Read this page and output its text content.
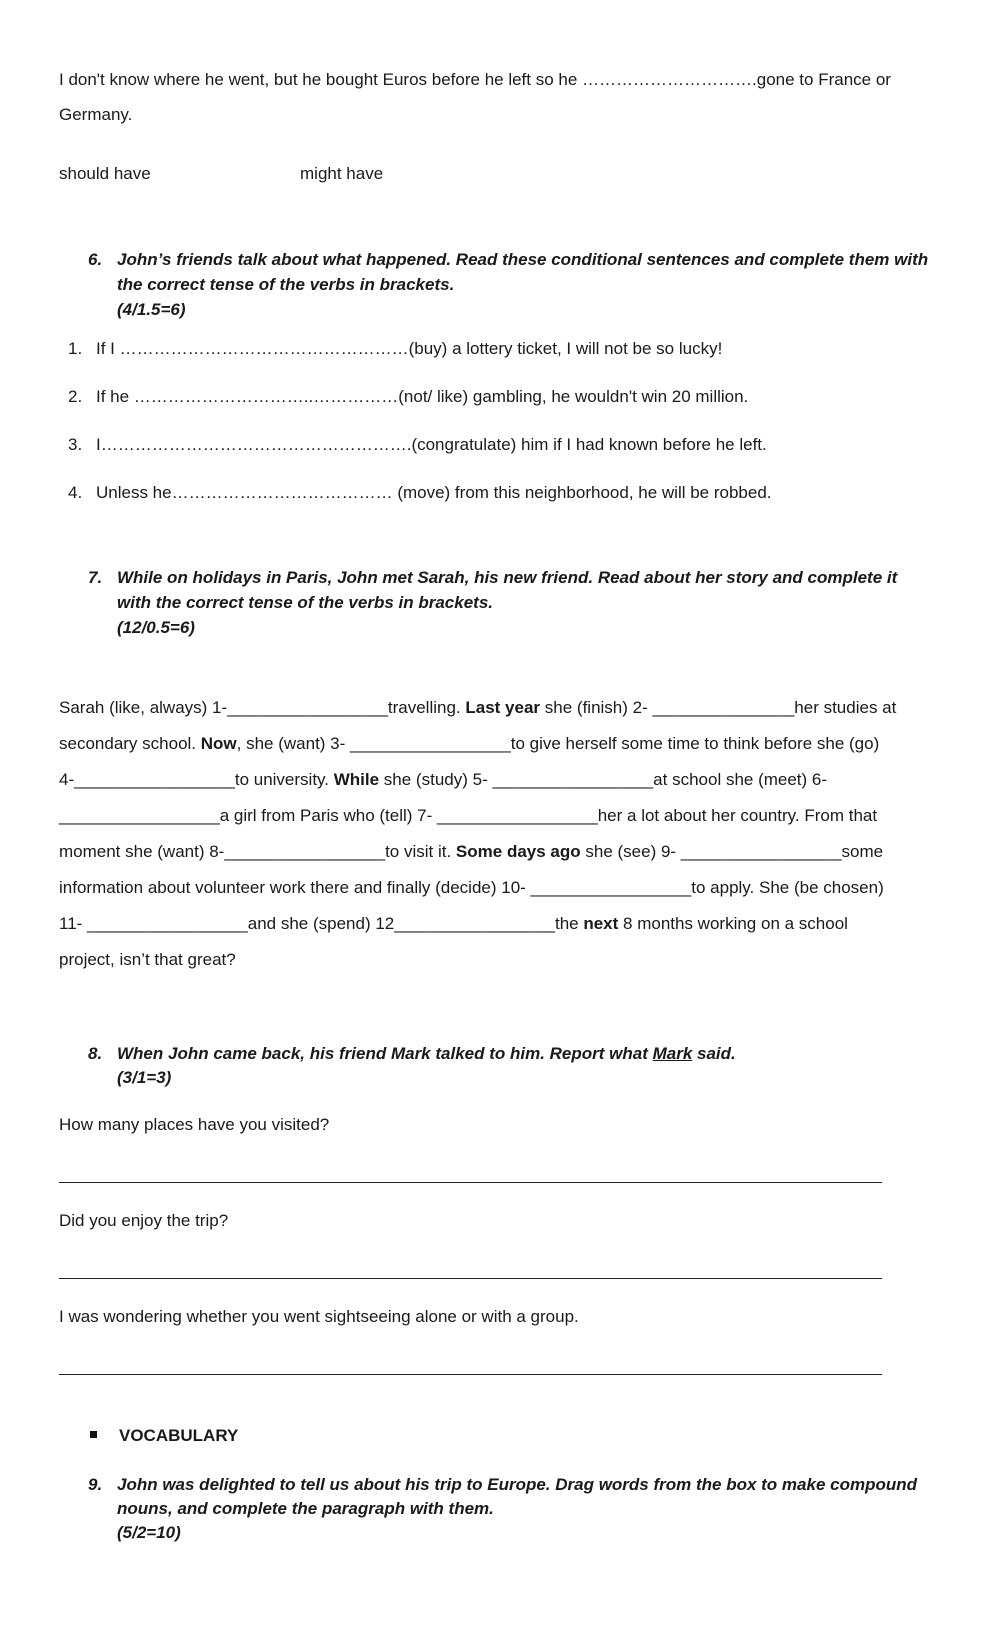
I don't know where he went, but he bought Euros before he left so he ………………………….gone to France or
Germany.
should have	might have
6. John’s friends talk about what happened. Read these conditional sentences and complete them with
the correct tense of the verbs in brackets.
(4/1.5=6)
1. If I ……………………………………………(buy) a lottery ticket, I will not be so lucky!
2. If he …………………………..……………(not/ like) gambling, he wouldn't win 20 million.
3. I……………………………………………….(congratulate) him if I had known before he left.
4. Unless he………………………………… (move) from this neighborhood, he will be robbed.
7. While on holidays in Paris, John met Sarah, his new friend. Read about her story and complete it
with the correct tense of the verbs in brackets.
(12/0.5=6)
Sarah (like, always) 1-_________________travelling. Last year she (finish) 2- _______________her studies at
secondary school. Now, she (want) 3- _________________to give herself some time to think before she (go)
4-_________________to university. While she (study) 5- _________________at school she (meet) 6-
_________________a girl from Paris who (tell) 7- _________________her a lot about her country. From that
moment she (want) 8-_________________to visit it. Some days ago she (see) 9- _________________some
information about volunteer work there and finally (decide) 10- _________________to apply. She (be chosen)
11- _________________and she (spend) 12_________________the next 8 months working on a school
project, isn’t that great?
8. When John came back, his friend Mark talked to him. Report what Mark said.
(3/1=3)
How many places have you visited?
Did you enjoy the trip?
I was wondering whether you went sightseeing alone or with a group.
VOCABULARY
9. John was delighted to tell us about his trip to Europe. Drag words from the box to make compound
nouns, and complete the paragraph with them.
(5/2=10)
